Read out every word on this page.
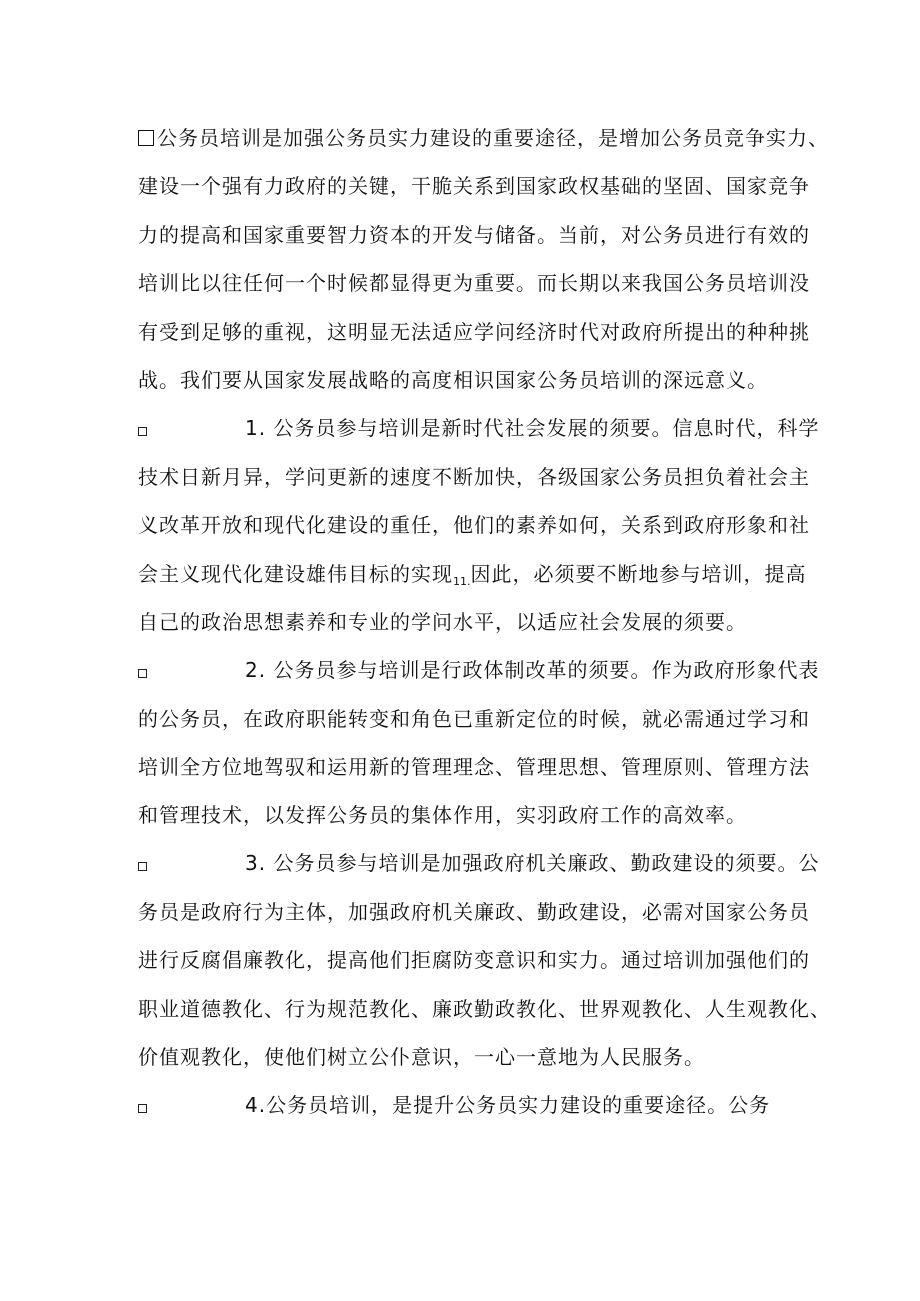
公务员培训是加强公务员实力建设的重要途径，是增加公务员竞争实力、
建设一个强有力政府的关键，干脆关系到国家政权基础的坚固、国家竞争
力的提高和国家重要智力资本的开发与储备。当前，对公务员进行有效的
培训比以往任何一个时候都显得更为重要。而长期以来我国公务员培训没
有受到足够的重视，这明显无法适应学问经济时代对政府所提出的种种挑
战。我们要从国家发展战略的高度相识国家公务员培训的深远意义。
1. 公务员参与培训是新时代社会发展的须要。信息时代，科学
技术日新月异，学问更新的速度不断加快，各级国家公务员担负着社会主
义改革开放和现代化建设的重任，他们的素养如何，关系到政府形象和社
会主义现代化建设雄伟目标的实现$_{11.}$因此，必须要不断地参与培训，提高
自己的政治思想素养和专业的学问水平，以适应社会发展的须要。
2. 公务员参与培训是行政体制改革的须要。作为政府形象代表
的公务员，在政府职能转变和角色已重新定位的时候，就必需通过学习和
培训全方位地驾驭和运用新的管理理念、管理思想、管理原则、管理方法
和管理技术，以发挥公务员的集体作用，实羽政府工作的高效率。
3. 公务员参与培训是加强政府机关廉政、勤政建设的须要。公
务员是政府行为主体，加强政府机关廉政、勤政建设，必需对国家公务员
进行反腐倡廉教化，提高他们拒腐防变意识和实力。通过培训加强他们的
职业道德教化、行为规范教化、廉政勤政教化、世界观教化、人生观教化、
价值观教化，使他们树立公仆意识，一心一意地为人民服务。
4.公务员培训，是提升公务员实力建设的重要途径。公务
